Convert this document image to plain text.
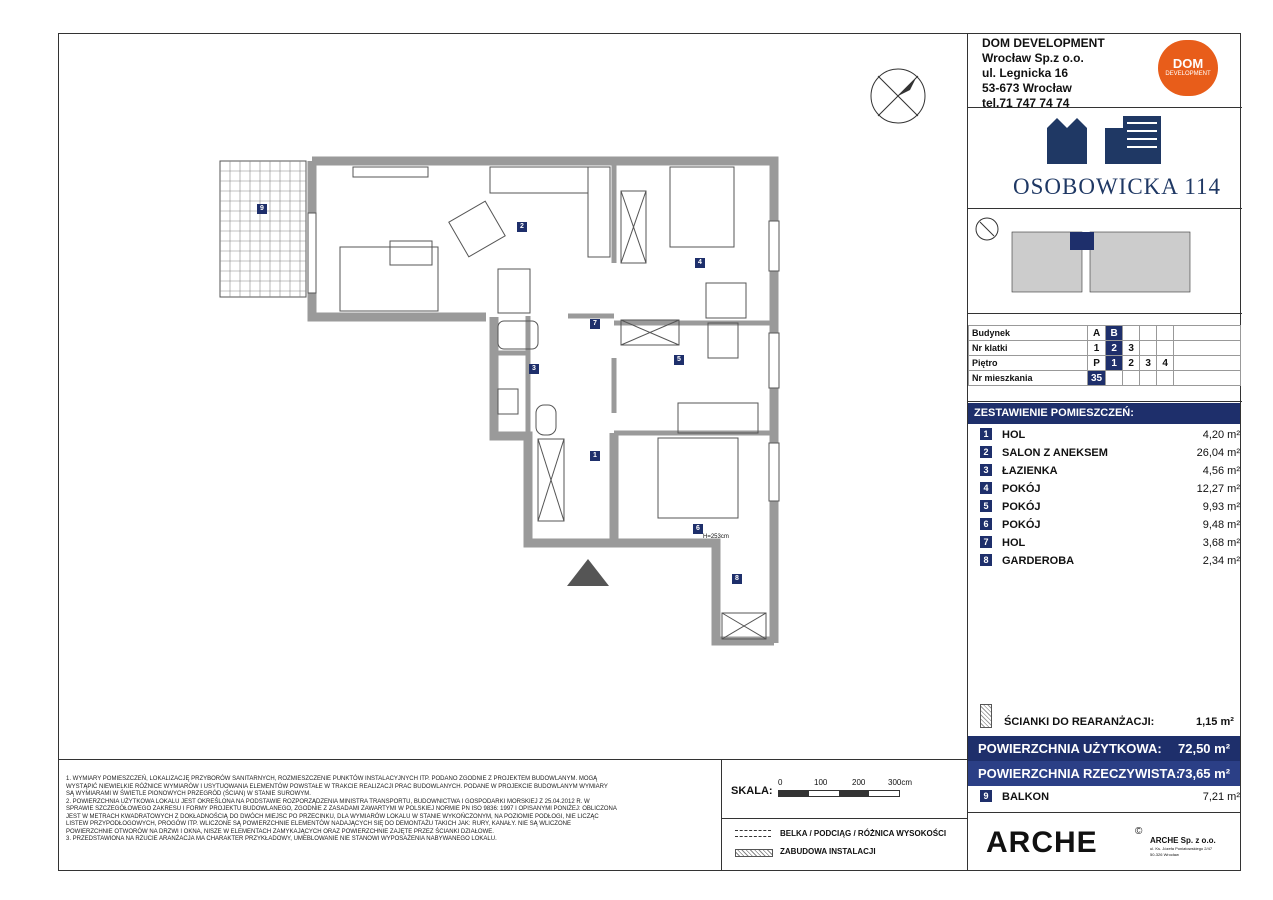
9
2
4
7
5
3
1
6
8
H=253cm
DOM DEVELOPMENT
Wrocław Sp.z o.o.
ul. Legnicka 16
53-673 Wrocław
tel.71 747 74 74
DOM
DEVELOPMENT
OSOBOWICKA 114
Budynek	A	B				
Nr klatki	1	2	3			
Piętro	P	1	2	3	4	
Nr mieszkania	35					
ZESTAWIENIE POMIESZCZEŃ:
1	HOL	4,20 m²
2	SALON Z ANEKSEM	26,04 m²
3	ŁAZIENKA	4,56 m²
4	POKÓJ	12,27 m²
5	POKÓJ	9,93 m²
6	POKÓJ	9,48 m²
7	HOL	3,68 m²
8	GARDEROBA	2,34 m²
ŚCIANKI DO REARANŻACJI:	1,15 m²
POWIERZCHNIA UŻYTKOWA: 72,50 m²
POWIERZCHNIA RZECZYWISTA:
73,65 m²
9	BALKON	7,21 m²
ARCHE	©
ARCHE Sp. z o.o.
ul. Ks. Józefa Poniatowskiego 2/47
50-326 Wrocław
1. WYMIARY POMIESZCZEŃ, LOKALIZACJĘ PRZYBORÓW SANITARNYCH, ROZMIESZCZENIE PUNKTÓW INSTALACYJNYCH ITP. PODANO ZGODNIE Z PROJEKTEM BUDOWLANYM. MOGĄ
WYSTĄPIĆ NIEWIELKIE RÓŻNICE WYMIARÓW I USYTUOWANIA ELEMENTÓW POWSTAŁE W TRAKCIE REALIZACJI PRAC BUDOWLANYCH. PODANE W PROJEKCIE BUDOWLANYM WYMIARY
SĄ WYMIARAMI W ŚWIETLE PIONOWYCH PRZEGRÓD (ŚCIAN) W STANIE SUROWYM.
2. POWIERZCHNIA UŻYTKOWA LOKALU JEST OKREŚLONA NA PODSTAWIE ROZPORZĄDZENIA MINISTRA TRANSPORTU, BUDOWNICTWA I GOSPODARKI MORSKIEJ Z 25.04.2012 R. W
SPRAWIE SZCZEGÓŁOWEGO ZAKRESU I FORMY PROJEKTU BUDOWLANEGO, ZGODNIE Z ZASADAMI ZAWARTYMI W POLSKIEJ NORMIE PN ISO 9836: 1997 I OPISANYMI PONIŻEJ: OBLICZONA
JEST W METRACH KWADRATOWYCH Z DOKŁADNOŚCIĄ DO DWÓCH MIEJSC PO PRZECINKU, DLA WYMIARÓW LOKALU W STANIE WYKOŃCZONYM, NA POZIOMIE PODŁOGI, NIE LICZĄC
LISTEW PRZYPODŁOGOWYCH, PROGÓW ITP. WLICZONE SĄ POWIERZCHNIE ELEMENTÓW NADAJĄCYCH SIĘ DO DEMONTAŻU TAKICH JAK: RURY, KANAŁY. NIE SĄ WLICZONE
POWIERZCHNIE OTWORÓW NA DRZWI I OKNA, NISZE W ELEMENTACH ZAMYKAJĄCYCH ORAZ POWIERZCHNIE ZAJĘTE PRZEZ ŚCIANKI DZIAŁOWE.
3. PRZEDSTAWIONA NA RZUCIE ARANŻACJA MA CHARAKTER PRZYKŁADOWY, UMEBLOWANIE NIE STANOWI WYPOSAŻENIA NABYWANEGO LOKALU.
SKALA:
0	100	200	300cm
BELKA / PODCIĄG / RÓŻNICA WYSOKOŚCI
ZABUDOWA INSTALACJI
